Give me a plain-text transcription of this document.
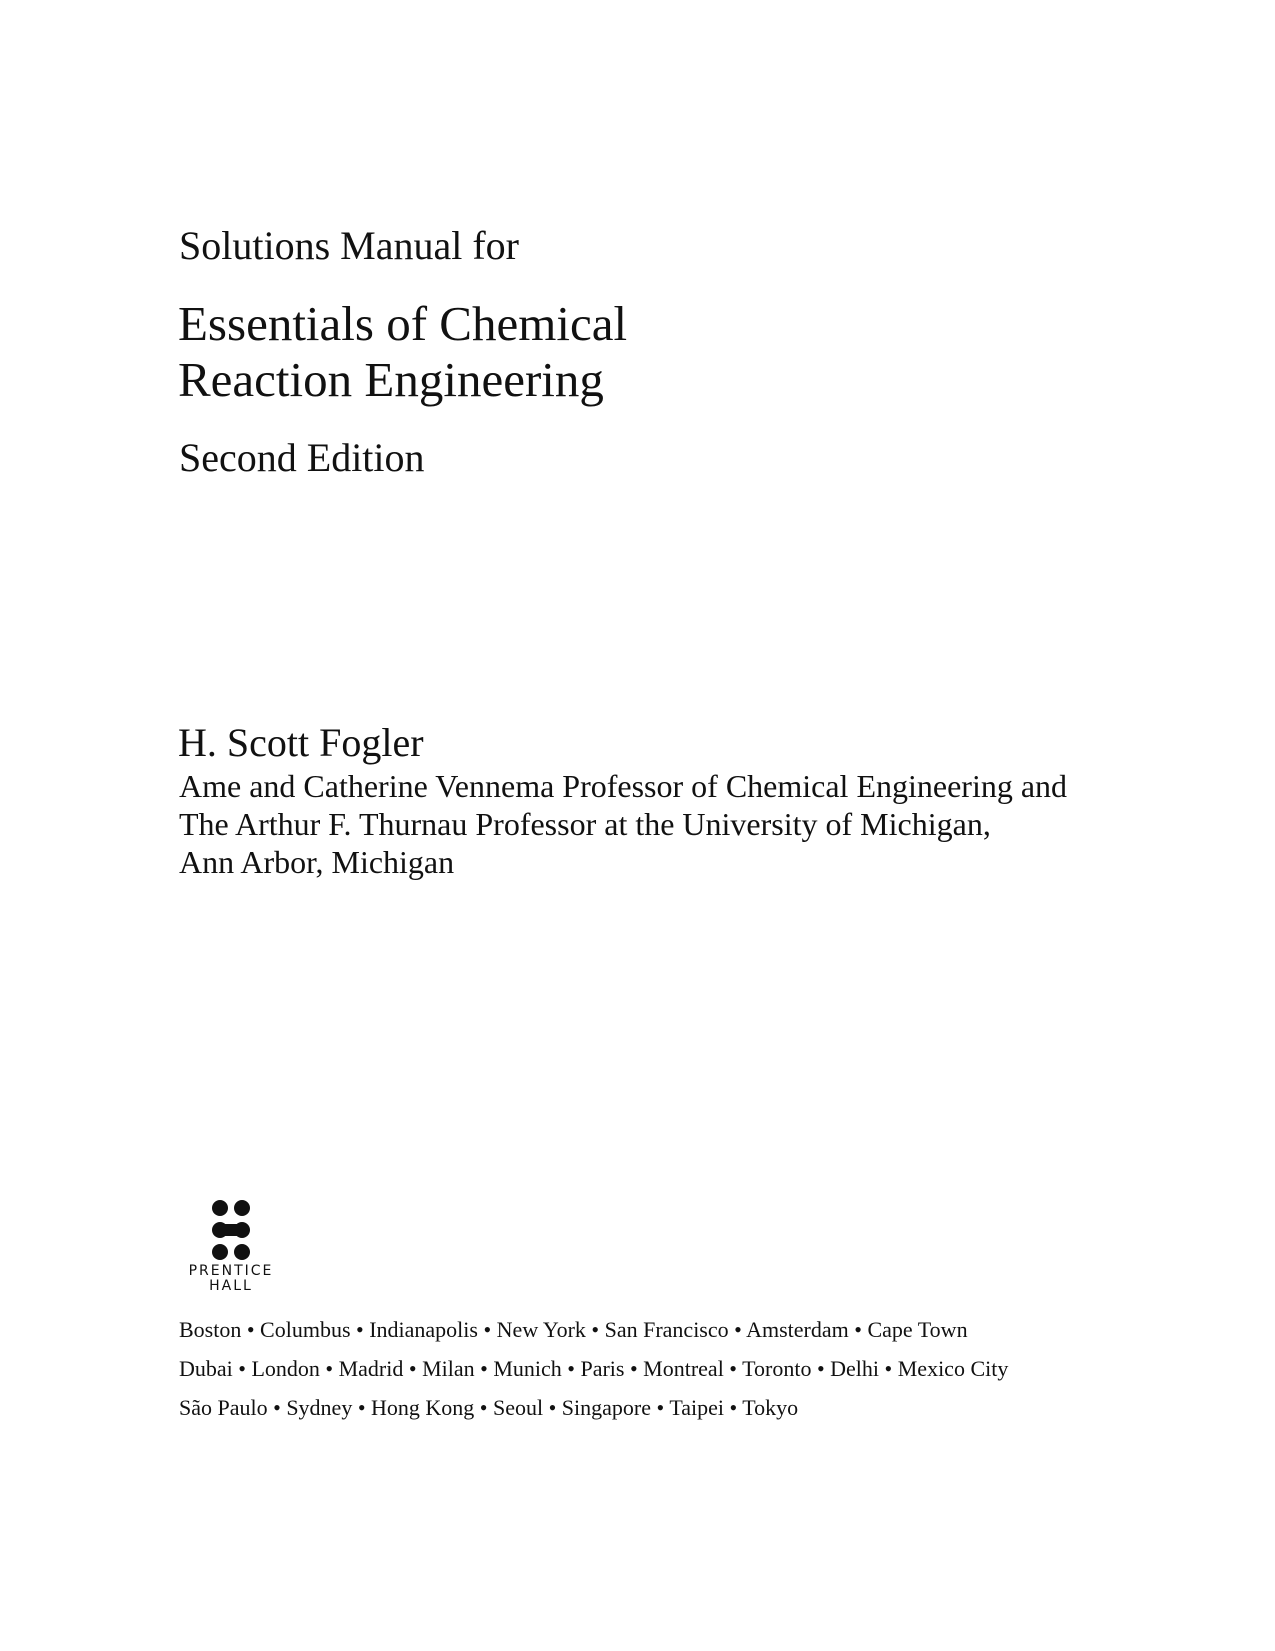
Solutions Manual for

Essentials of Chemical
Reaction Engineering

Second Edition

H. Scott Fogler

Ame and Catherine Vennema Professor of Chemical Engineering and

The Arthur F. Thurnau Professor at the University of Michigan,

Ann Arbor, Michigan

PRENTICE
HALL

Boston • Columbus • Indianapolis • New York • San Francisco • Amsterdam • Cape Town

Dubai • London • Madrid • Milan • Munich • Paris • Montreal • Toronto • Delhi • Mexico City

São Paulo • Sydney • Hong Kong • Seoul • Singapore • Taipei • Tokyo
